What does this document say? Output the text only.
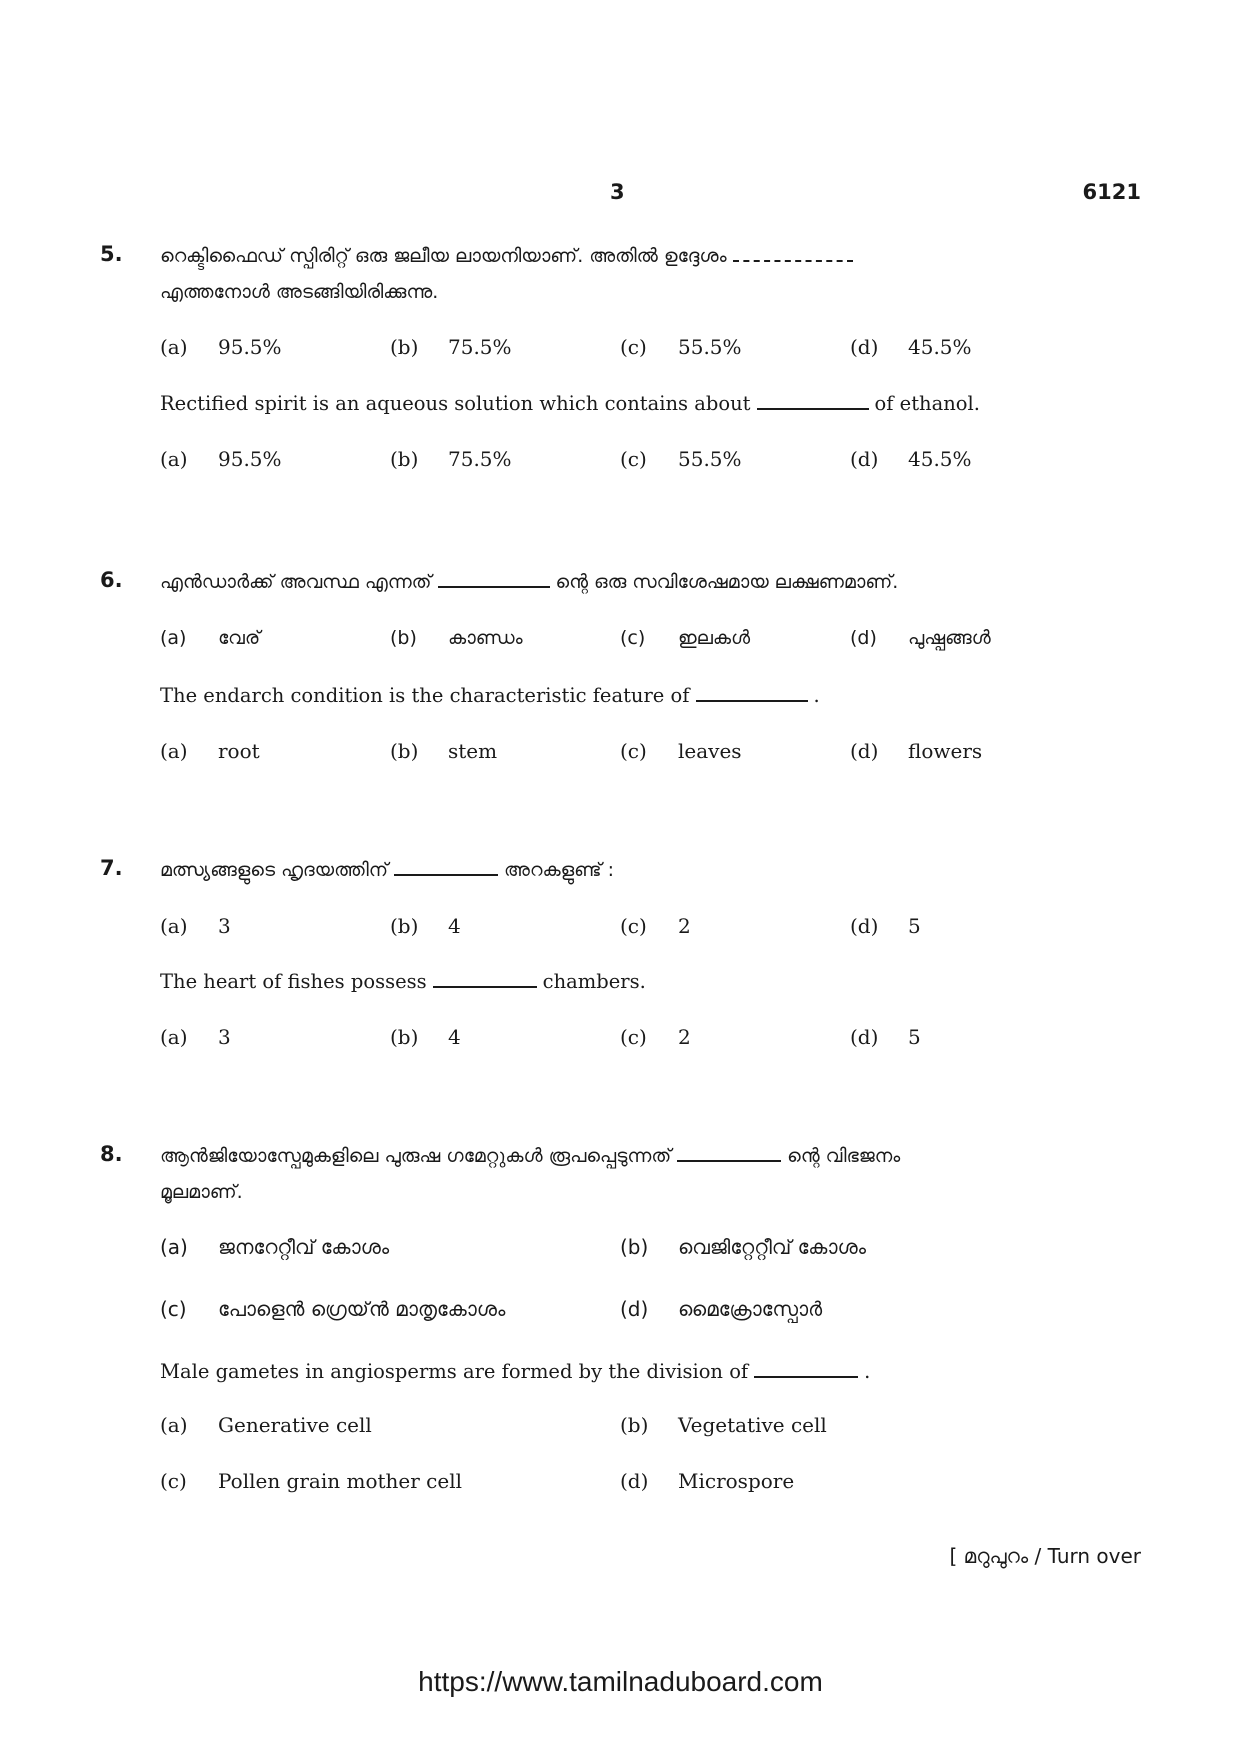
3	6121
5. റെക്ടിഫൈഡ് സ്പിരിറ്റ് ഒരു ജലീയ ലായനിയാണ്. അതിൽ ഉദ്ദേശം
എത്തനോൾ അടങ്ങിയിരിക്കുന്നു.
(a) 95.5%	(b) 75.5%	(c) 55.5%	(d) 45.5%
Rectified spirit is an aqueous solution which contains about	of ethanol.
(a) 95.5%	(b) 75.5%	(c) 55.5%	(d) 45.5%
6. എൻഡാർക്ക് അവസ്ഥ എന്നത്	ന്റെ ഒരു സവിശേഷമായ ലക്ഷണമാണ്.
(a) വേര്	(b) കാണ്ഡം	(c) ഇലകൾ	(d) പുഷ്പങ്ങൾ
The endarch condition is the characteristic feature of	.
(a) root	(b) stem	(c) leaves	(d) flowers
7. മത്സ്യങ്ങളുടെ ഹൃദയത്തിന്	അറകളുണ്ട് :
(a) 3	(b) 4	(c) 2	(d) 5
The heart of fishes possess	chambers.
(a) 3	(b) 4	(c) 2	(d) 5
8. ആൻജിയോസ്പേമുകളിലെ പുരുഷ ഗമേറ്റുകൾ രൂപപ്പെടുന്നത്	ന്റെ വിഭജനം
മൂലമാണ്.
(a) ജനറേറ്റീവ് കോശം	(b) വെജിറ്റേറ്റീവ് കോശം
(c) പോളെൻ ഗ്രെയ്ൻ മാതൃകോശം	(d) മൈക്രോസ്പോർ
Male gametes in angiosperms are formed by the division of	.
(a) Generative cell	(b) Vegetative cell
(c) Pollen grain mother cell	(d) Microspore
[ മറുപുറം / Turn over
https://www.tamilnaduboard.com
